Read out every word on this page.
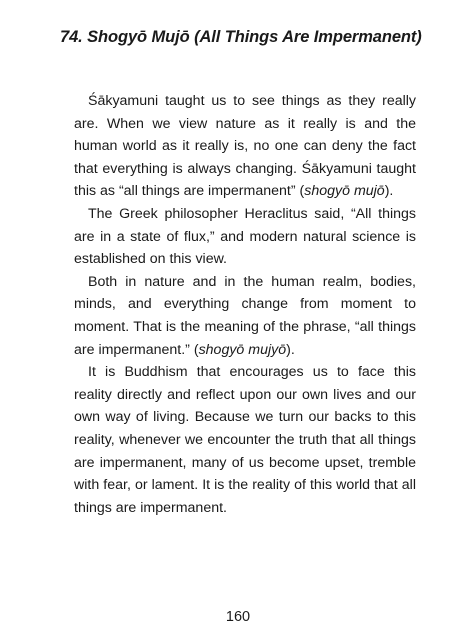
74. Shogyō Mujō (All Things Are Impermanent)

Śākyamuni taught us to see things as they really are. When we view nature as it really is and the human world as it really is, no one can deny the fact that everything is always changing. Śākyamuni taught this as “all things are impermanent” (shogyō mujō).

The Greek philosopher Heraclitus said, “All things are in a state of flux,” and modern natural science is established on this view.

Both in nature and in the human realm, bodies, minds, and everything change from moment to moment. That is the meaning of the phrase, “all things are impermanent.” (shogyō mujyō).

It is Buddhism that encourages us to face this reality directly and reflect upon our own lives and our own way of living. Because we turn our backs to this reality, whenever we encounter the truth that all things are impermanent, many of us become upset, tremble with fear, or lament. It is the reality of this world that all things are impermanent.

160
